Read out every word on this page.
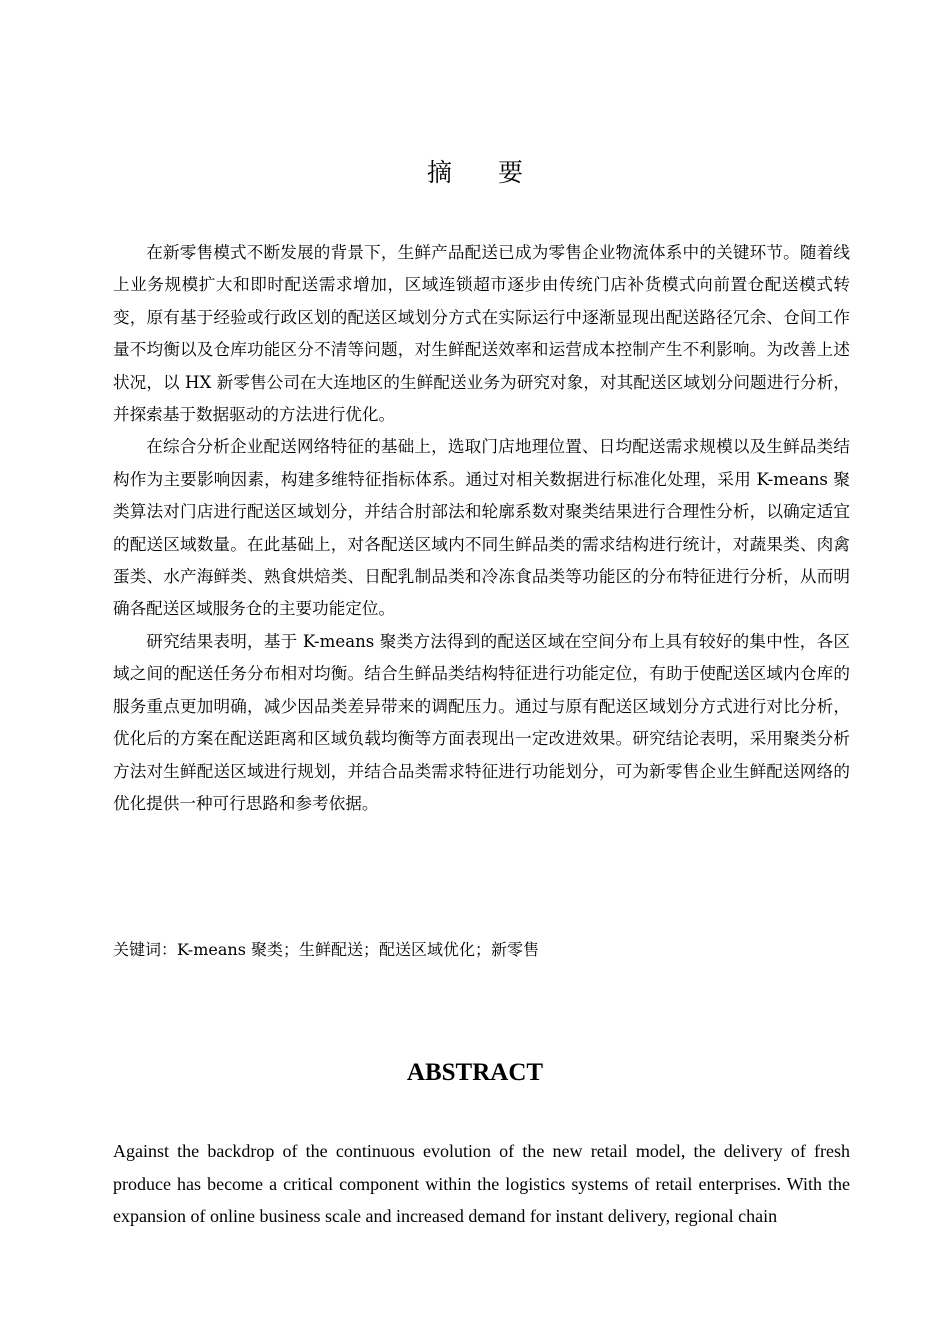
摘要

在新零售模式不断发展的背景下，生鲜产品配送已成为零售企业物流体系中的关键环节。随着线上业务规模扩大和即时配送需求增加，区域连锁超市逐步由传统门店补货模式向前置仓配送模式转变，原有基于经验或行政区划的配送区域划分方式在实际运行中逐渐显现出配送路径冗余、仓间工作量不均衡以及仓库功能区分不清等问题，对生鲜配送效率和运营成本控制产生不利影响。为改善上述状况，以 HX 新零售公司在大连地区的生鲜配送业务为研究对象，对其配送区域划分问题进行分析，并探索基于数据驱动的方法进行优化。

在综合分析企业配送网络特征的基础上，选取门店地理位置、日均配送需求规模以及生鲜品类结构作为主要影响因素，构建多维特征指标体系。通过对相关数据进行标准化处理，采用 K-means 聚类算法对门店进行配送区域划分，并结合肘部法和轮廓系数对聚类结果进行合理性分析，以确定适宜的配送区域数量。在此基础上，对各配送区域内不同生鲜品类的需求结构进行统计，对蔬果类、肉禽蛋类、水产海鲜类、熟食烘焙类、日配乳制品类和冷冻食品类等功能区的分布特征进行分析，从而明确各配送区域服务仓的主要功能定位。

研究结果表明，基于 K-means 聚类方法得到的配送区域在空间分布上具有较好的集中性，各区域之间的配送任务分布相对均衡。结合生鲜品类结构特征进行功能定位，有助于使配送区域内仓库的服务重点更加明确，减少因品类差异带来的调配压力。通过与原有配送区域划分方式进行对比分析，优化后的方案在配送距离和区域负载均衡等方面表现出一定改进效果。研究结论表明，采用聚类分析方法对生鲜配送区域进行规划，并结合品类需求特征进行功能划分，可为新零售企业生鲜配送网络的优化提供一种可行思路和参考依据。

关键词：K-means 聚类；生鲜配送；配送区域优化；新零售
ABSTRACT

Against the backdrop of the continuous evolution of the new retail model, the delivery of fresh produce has become a critical component within the logistics systems of retail enterprises. With the expansion of online business scale and increased demand for instant delivery, regional chain
